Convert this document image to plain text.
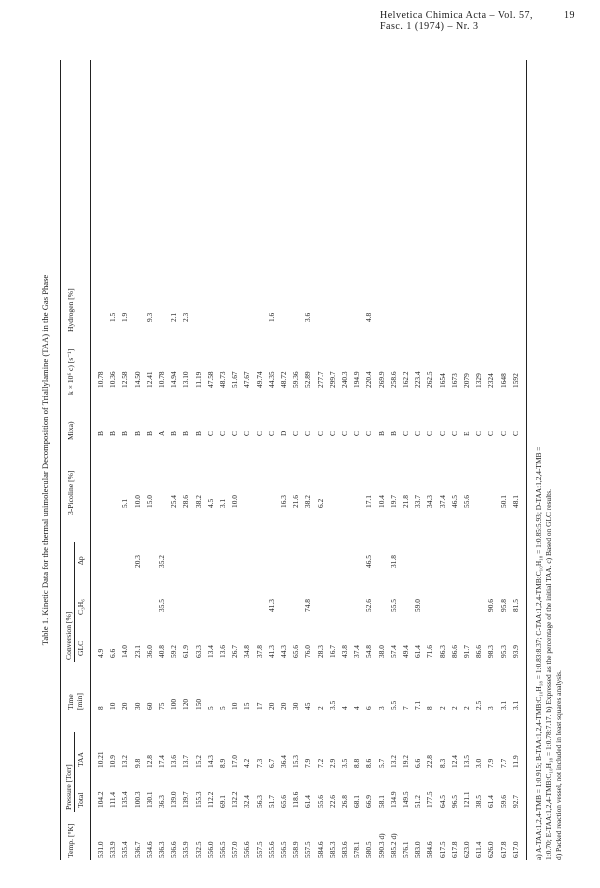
Helvetica Chimica Acta – Vol. 57, Fasc. 1 (1974) – Nr. 3
19
Table 1. Kinetic Data for the thermal unimolecular Decomposition of Triallylamine (TAA) in the Gas Phase
Temp. [°K]
Pressure [Torr] Total
TAA
Time [min]
Conversion [%] GLC
C₃H₆
Δp
3-Picoline [%]
Mixa)
k × 10⁶ c) [s⁻¹]
Hydrogen [%]
531.0
104.2
10.21
8
4.9
B
10.78
533.9
111.4
10.9
10
6.6
B
10.36
1.5
535.4
135.4
13.2
20
14.0
5.1
B
12.58
1.9
536.7
100.3
9.8
30
23.1
20.3
10.0
B
14.50
534.6
130.1
12.8
60
36.0
15.0
B
12.41
9.3
536.3
36.3
17.4
75
40.8
35.5
35.2
A
10.78
536.6
139.0
13.6
100
59.2
25.4
B
14.94
2.1
535.9
139.7
13.7
120
61.9
28.6
B
13.10
2.3
532.5
155.3
15.2
150
63.3
38.2
B
11.19
556.0
112.2
14.3
5
13.4
4.5
C
47.58
556.5
69.1
8.9
5
13.6
3.1
C
48.73
557.0
132.2
17.0
10
26.7
10.0
C
51.67
556.6
32.4
4.2
15
34.8
C
47.67
557.5
56.3
7.3
17
37.8
C
49.74
555.6
51.7
6.7
20
41.3
41.3
C
44.35
1.6
556.5
65.6
36.4
20
44.3
16.3
D
48.72
558.9
118.6
15.3
30
65.6
21.6
C
59.36
557.5
61.4
7.9
45
76.0
74.8
38.2
C
52.89
3.6
584.6
55.6
7.2
2
28.3
6.2
C
277.7
585.3
22.6
2.9
3.5
16.7
C
299.7
583.6
26.8
3.5
4
43.8
C
240.3
578.1
68.1
8.8
4
37.4
C
194.9
580.5
66.9
8.6
6
54.8
52.6
46.5
17.1
C
220.4
4.8
590.3 d)
58.1
5.7
3
38.0
10.4
B
269.9
585.2 d)
134.9
13.2
5.5
57.4
55.5
31.8
19.7
B
258.6
576.1
149.5
19.2
7
49.4
21.8
C
162.2
583.0
51.2
6.6
7.1
61.4
59.0
33.7
C
223.4
584.6
177.5
22.8
8
71.6
34.3
C
262.5
617.5
64.5
8.3
2
86.3
37.4
C
1654
617.8
96.5
12.4
2
86.6
46.5
C
1673
623.0
121.1
13.5
2
91.7
55.6
E
2079
611.4
38.5
3.0
2.5
86.6
C
1329
626.0
61.4
7.9
3
98.3
90.6
C
2324
617.8
59.6
7.7
3.1
95.3
95.8
50.1
C
1648
617.0
92.7
11.9
3.1
93.9
81.5
48.1
C
1592
a) A-TAA:1,2,4-TMB = 1:0.915; B-TAA:1,2,4-TMB:C₁₀H₁₈ = 1:0.83:8.37; C-TAA:1,2,4-TMB:C₁₀H₁₈ = 1:0.85:5.93; D-TAA:1,2,4-TMB = 1:0.70; E-TAA:1,2,4-TMB:C₁₀H₁₈ = 1:0.78:7.17. b) Expressed as the percentage of the initial TAA. c) Based on GLC results. d) Packed reaction vessel, not included in least squares analysis.
